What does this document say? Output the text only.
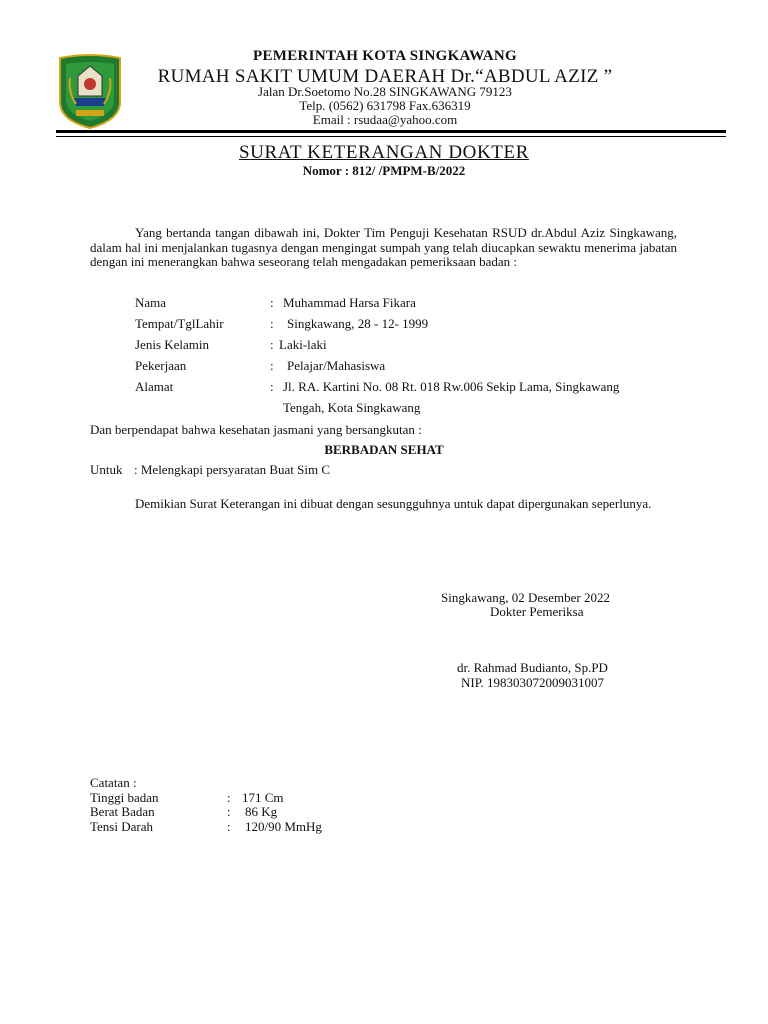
PEMERINTAH KOTA SINGKAWANG
RUMAH SAKIT UMUM DAERAH Dr.“ABDUL AZIZ ”
Jalan Dr.Soetomo No.28 SINGKAWANG 79123
Telp. (0562) 631798 Fax.636319
Email : rsudaa@yahoo.com
SURAT KETERANGAN DOKTER
Nomor : 812/ /PMPM-B/2022
Yang bertanda tangan dibawah ini, Dokter Tim Penguji Kesehatan RSUD dr.Abdul Aziz Singkawang, dalam hal ini menjalankan tugasnya dengan mengingat sumpah yang telah diucapkan sewaktu menerima jabatan dengan ini menerangkan bahwa seseorang telah mengadakan pemeriksaan badan :
Nama	: Muhammad Harsa Fikara
Tempat/TglLahir	: Singkawang, 28 - 12- 1999
Jenis Kelamin	: Laki-laki
Pekerjaan	: Pelajar/Mahasiswa
Alamat	: Jl. RA. Kartini No. 08 Rt. 018 Rw.006 Sekip Lama, Singkawang
Tengah, Kota Singkawang
Dan berpendapat bahwa kesehatan jasmani yang bersangkutan :
BERBADAN SEHAT
Untuk : Melengkapi persyaratan Buat Sim C
Demikian Surat Keterangan ini dibuat dengan sesungguhnya untuk dapat dipergunakan seperlunya.
Singkawang, 02 Desember 2022
Dokter Pemeriksa
dr. Rahmad Budianto, Sp.PD
NIP. 198303072009031007
Catatan :
Tinggi badan	: 171 Cm
Berat Badan	: 86 Kg
Tensi Darah	: 120/90 MmHg
